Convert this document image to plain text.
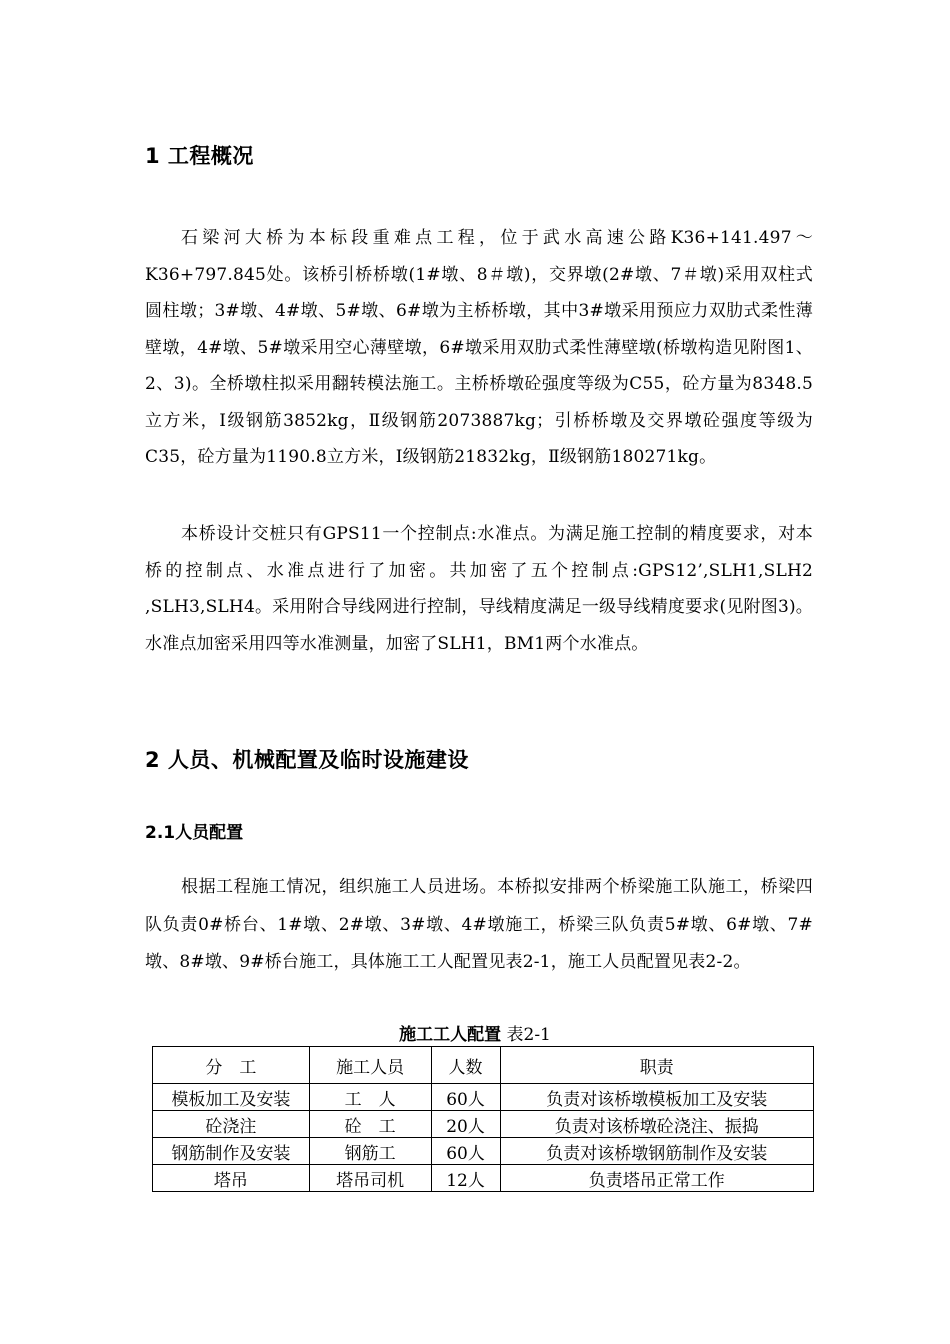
1 工程概况

石梁河大桥为本标段重难点工程，位于武水高速公路K36+141.497～K36+797.845处。该桥引桥桥墩(1#墩、8＃墩)，交界墩(2#墩、7＃墩)采用双柱式圆柱墩；3#墩、4#墩、5#墩、6#墩为主桥桥墩，其中3#墩采用预应力双肋式柔性薄壁墩，4#墩、5#墩采用空心薄壁墩，6#墩采用双肋式柔性薄壁墩(桥墩构造见附图1、2、3)。全桥墩柱拟采用翻转模法施工。主桥桥墩砼强度等级为C55，砼方量为8348.5立方米，Ⅰ级钢筋3852kg，Ⅱ级钢筋2073887kg；引桥桥墩及交界墩砼强度等级为C35，砼方量为1190.8立方米，Ⅰ级钢筋21832kg，Ⅱ级钢筋180271kg。

本桥设计交桩只有GPS11一个控制点:水准点。为满足施工控制的精度要求，对本桥的控制点、水准点进行了加密。共加密了五个控制点:GPS12’,SLH1,SLH2 ,SLH3,SLH4。采用附合导线网进行控制，导线精度满足一级导线精度要求(见附图3)。水准点加密采用四等水准测量，加密了SLH1，BM1两个水准点。

2 人员、机械配置及临时设施建设
2.1人员配置

根据工程施工情况，组织施工人员进场。本桥拟安排两个桥梁施工队施工，桥梁四队负责0#桥台、1#墩、2#墩、3#墩、4#墩施工，桥梁三队负责5#墩、6#墩、7#墩、8#墩、9#桥台施工，具体施工工人配置见表2-1，施工人员配置见表2-2。

施工工人配置 表2-1

分　工	施工人员	人数	职责
模板加工及安装	工　人	60人	负责对该桥墩模板加工及安装
砼浇注	砼　工	20人	负责对该桥墩砼浇注、振捣
钢筋制作及安装	钢筋工	60人	负责对该桥墩钢筋制作及安装
塔吊	塔吊司机	12人	负责塔吊正常工作
